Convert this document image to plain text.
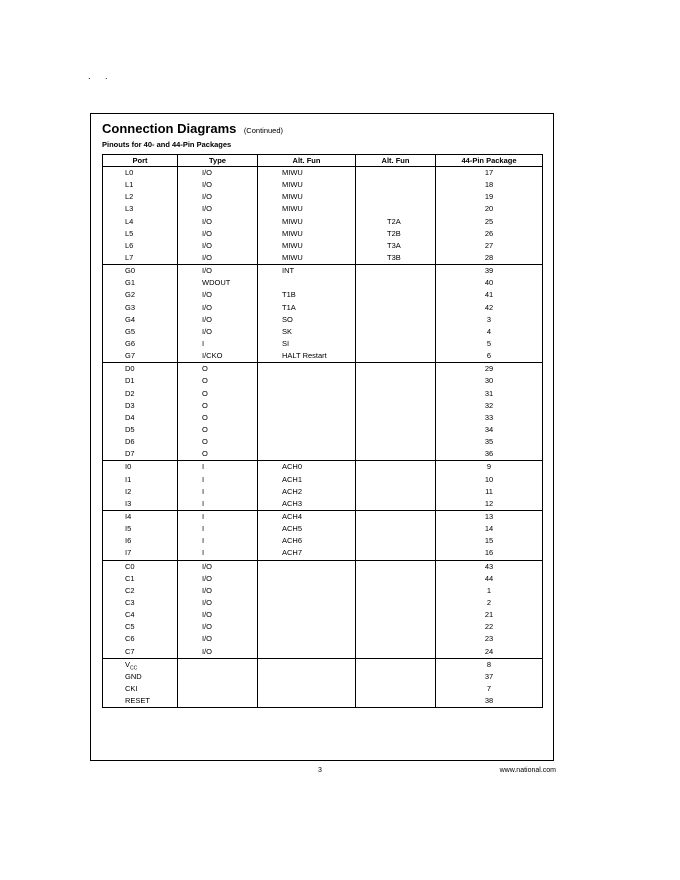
. .
Connection Diagrams (Continued)
Pinouts for 40- and 44-Pin Packages
Port	Type	Alt. Fun	Alt. Fun	44-Pin Package
L0	I/O	MIWU		17
L1	I/O	MIWU		18
L2	I/O	MIWU		19
L3	I/O	MIWU		20
L4	I/O	MIWU	T2A	25
L5	I/O	MIWU	T2B	26
L6	I/O	MIWU	T3A	27
L7	I/O	MIWU	T3B	28
G0	I/O	INT		39
G1	WDOUT			40
G2	I/O	T1B		41
G3	I/O	T1A		42
G4	I/O	SO		3
G5	I/O	SK		4
G6	I	SI		5
G7	I/CKO	HALT Restart		6
D0	O			29
D1	O			30
D2	O			31
D3	O			32
D4	O			33
D5	O			34
D6	O			35
D7	O			36
I0	I	ACH0		9
I1	I	ACH1		10
I2	I	ACH2		11
I3	I	ACH3		12
I4	I	ACH4		13
I5	I	ACH5		14
I6	I	ACH6		15
I7	I	ACH7		16
C0	I/O			43
C1	I/O			44
C2	I/O			1
C3	I/O			2
C4	I/O			21
C5	I/O			22
C6	I/O			23
C7	I/O			24
$V_{CC}$				8
GND				37
CKI				7
RESET				38
3	www.national.com
